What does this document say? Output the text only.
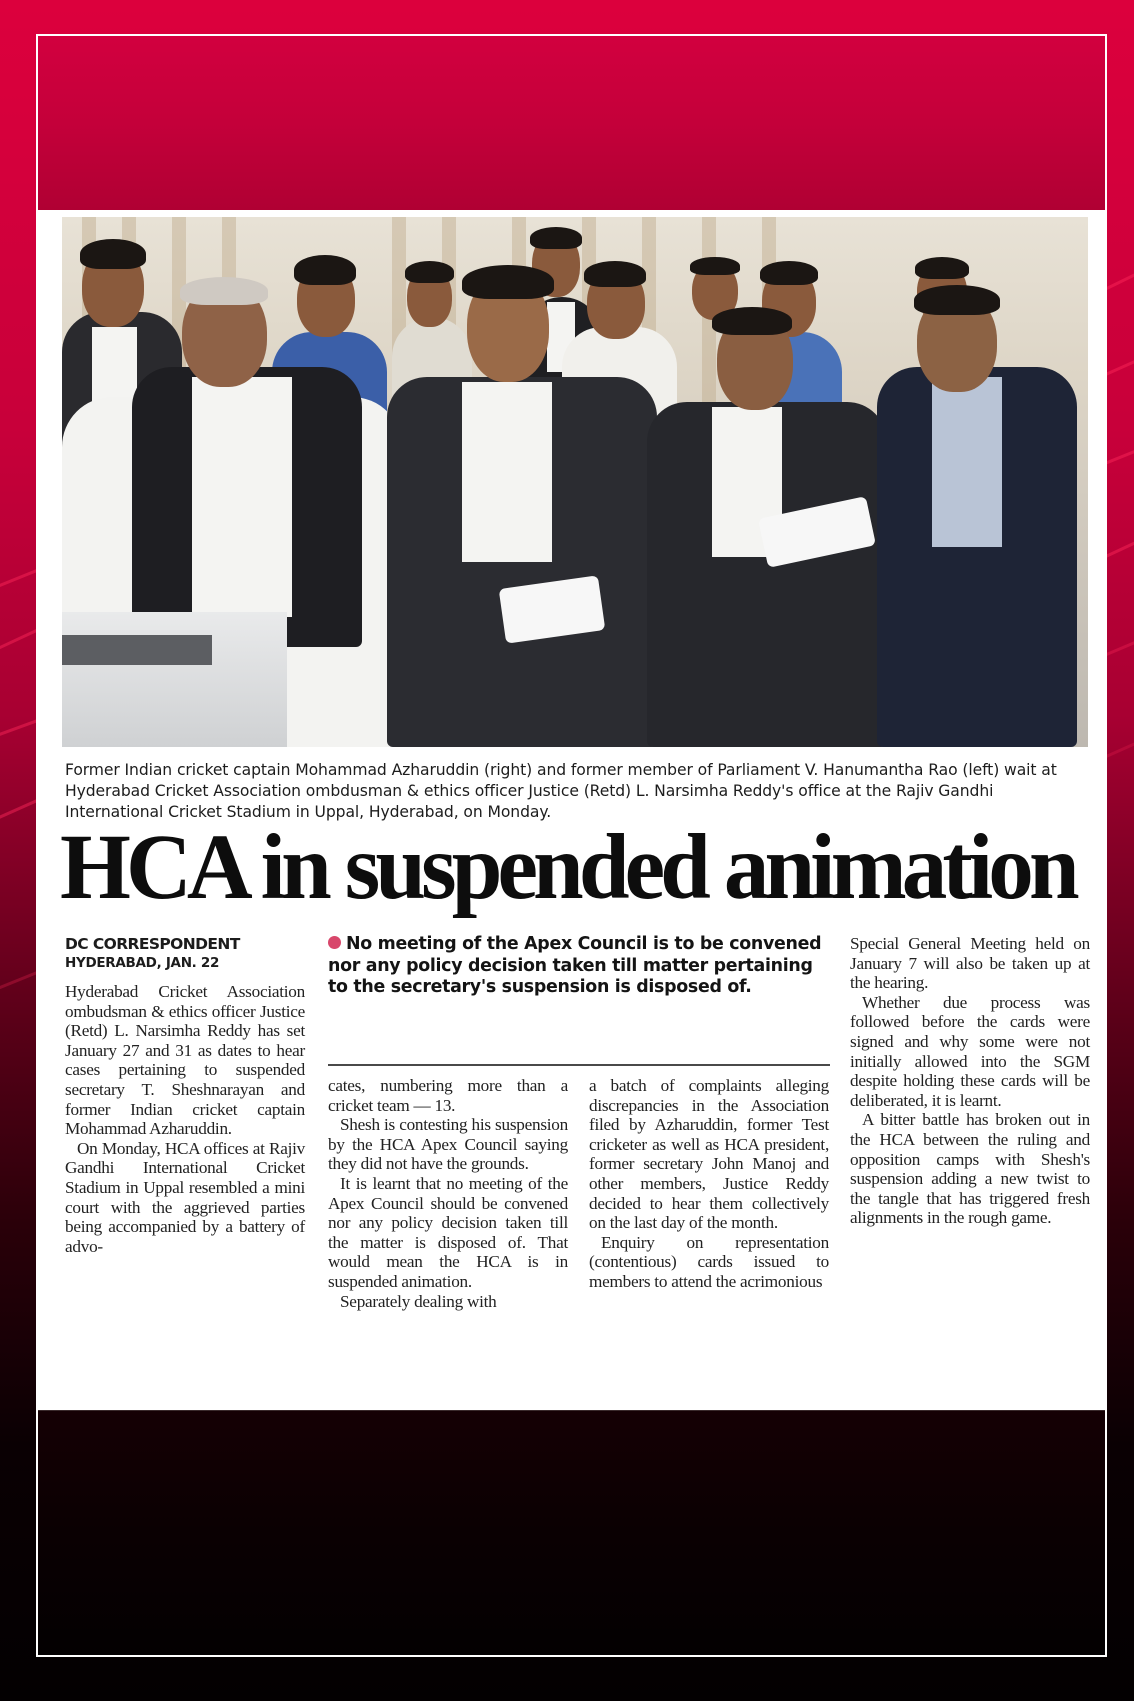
Former Indian cricket captain Mohammad Azharuddin (right) and former member of Parliament V. Hanumantha Rao (left) wait at Hyderabad Cricket Association ombdusman & ethics officer Justice (Retd) L. Narsimha Reddy's office at the Rajiv Gandhi International Cricket Stadium in Uppal, Hyderabad, on Monday.
HCA in suspended animation
DC CORRESPONDENT
HYDERABAD, JAN. 22
No meeting of the Apex Council is to be convened nor any policy decision taken till matter pertaining to the secretary's suspension is disposed of.

Hyderabad Cricket Association ombudsman & ethics officer Justice (Retd) L. Narsimha Reddy has set January 27 and 31 as dates to hear cases pertaining to suspended secretary T. Sheshnarayan and former Indian cricket captain Mohammad Azharuddin.

On Monday, HCA offices at Rajiv Gandhi International Cricket Stadium in Uppal resembled a mini court with the aggrieved parties being accompanied by a battery of advo-

cates, numbering more than a cricket team — 13.

Shesh is contesting his suspension by the HCA Apex Council saying they did not have the grounds.

It is learnt that no meeting of the Apex Council should be convened nor any policy decision taken till the matter is disposed of. That would mean the HCA is in suspended animation.

Separately dealing with

a batch of complaints alleging discrepancies in the Association filed by Azharuddin, former Test cricketer as well as HCA president, former secretary John Manoj and other members, Justice Reddy decided to hear them collectively on the last day of the month.

Enquiry on representation (contentious) cards issued to members to attend the acrimonious

Special General Meeting held on January 7 will also be taken up at the hearing.

Whether due process was followed before the cards were signed and why some were not initially allowed into the SGM despite holding these cards will be deliberated, it is learnt.

A bitter battle has broken out in the HCA between the ruling and opposition camps with Shesh's suspension adding a new twist to the tangle that has triggered fresh alignments in the rough game.
